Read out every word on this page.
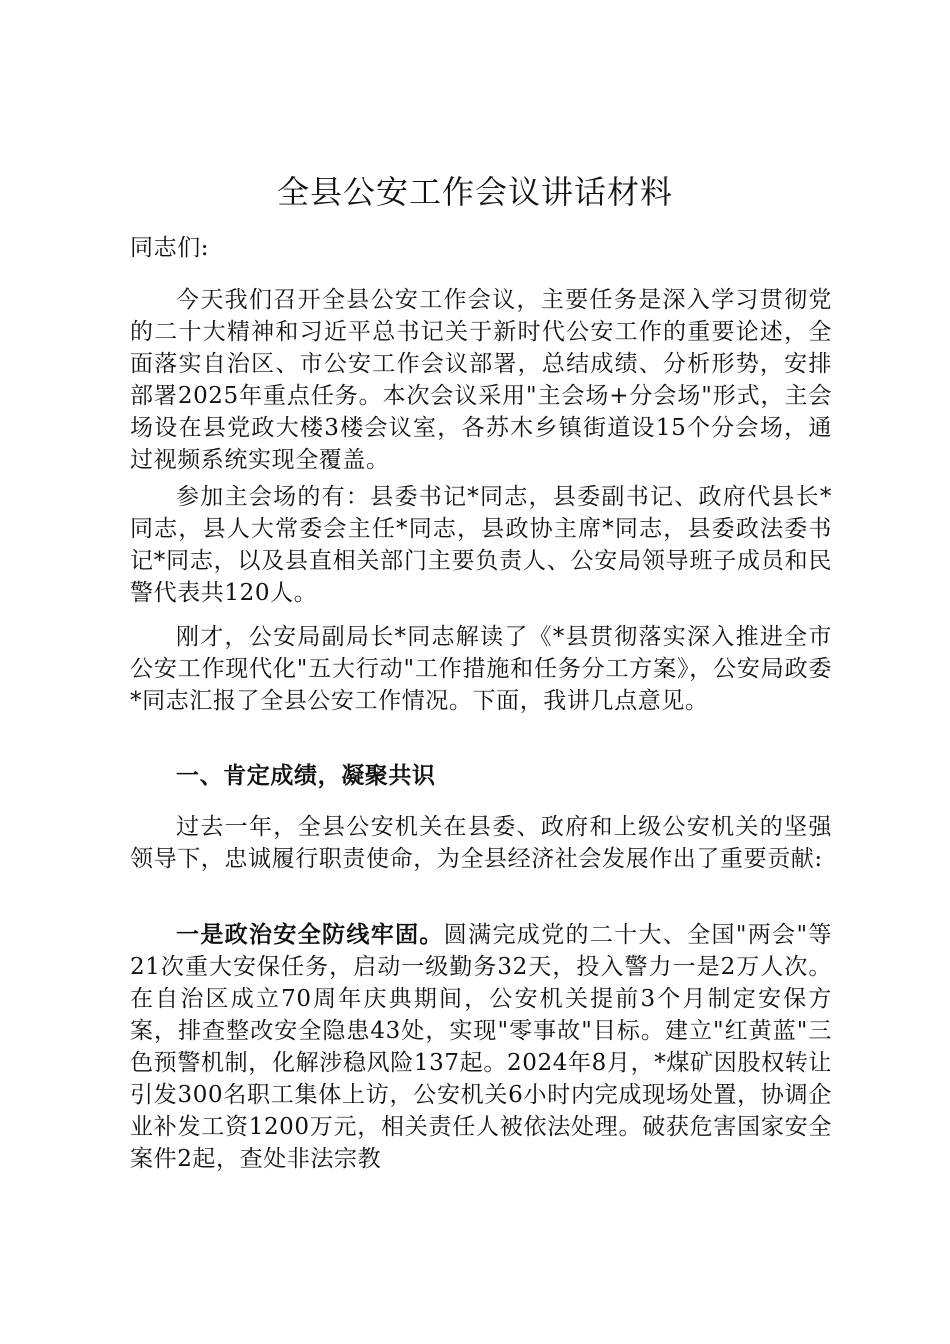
全县公安工作会议讲话材料

同志们:

今天我们召开全县公安工作会议，主要任务是深入学习贯彻党的二十大精神和习近平总书记关于新时代公安工作的重要论述，全面落实自治区、市公安工作会议部署，总结成绩、分析形势，安排部署2025年重点任务。本次会议采用"主会场+分会场"形式，主会场设在县党政大楼3楼会议室，各苏木乡镇街道设15个分会场，通过视频系统实现全覆盖。

参加主会场的有：县委书记*同志，县委副书记、政府代县长*同志，县人大常委会主任*同志，县政协主席*同志，县委政法委书记*同志，以及县直相关部门主要负责人、公安局领导班子成员和民警代表共120人。

刚才，公安局副局长*同志解读了《*县贯彻落实深入推进全市公安工作现代化"五大行动"工作措施和任务分工方案》，公安局政委*同志汇报了全县公安工作情况。下面，我讲几点意见。

一、肯定成绩，凝聚共识

过去一年，全县公安机关在县委、政府和上级公安机关的坚强领导下，忠诚履行职责使命，为全县经济社会发展作出了重要贡献:

一是政治安全防线牢固。圆满完成党的二十大、全国"两会"等21次重大安保任务，启动一级勤务32天，投入警力一是2万人次。在自治区成立70周年庆典期间，公安机关提前3个月制定安保方案，排查整改安全隐患43处，实现"零事故"目标。建立"红黄蓝"三色预警机制，化解涉稳风险137起。2024年8月，*煤矿因股权转让引发300名职工集体上访，公安机关6小时内完成现场处置，协调企业补发工资1200万元，相关责任人被依法处理。破获危害国家安全案件2起，查处非法宗教
